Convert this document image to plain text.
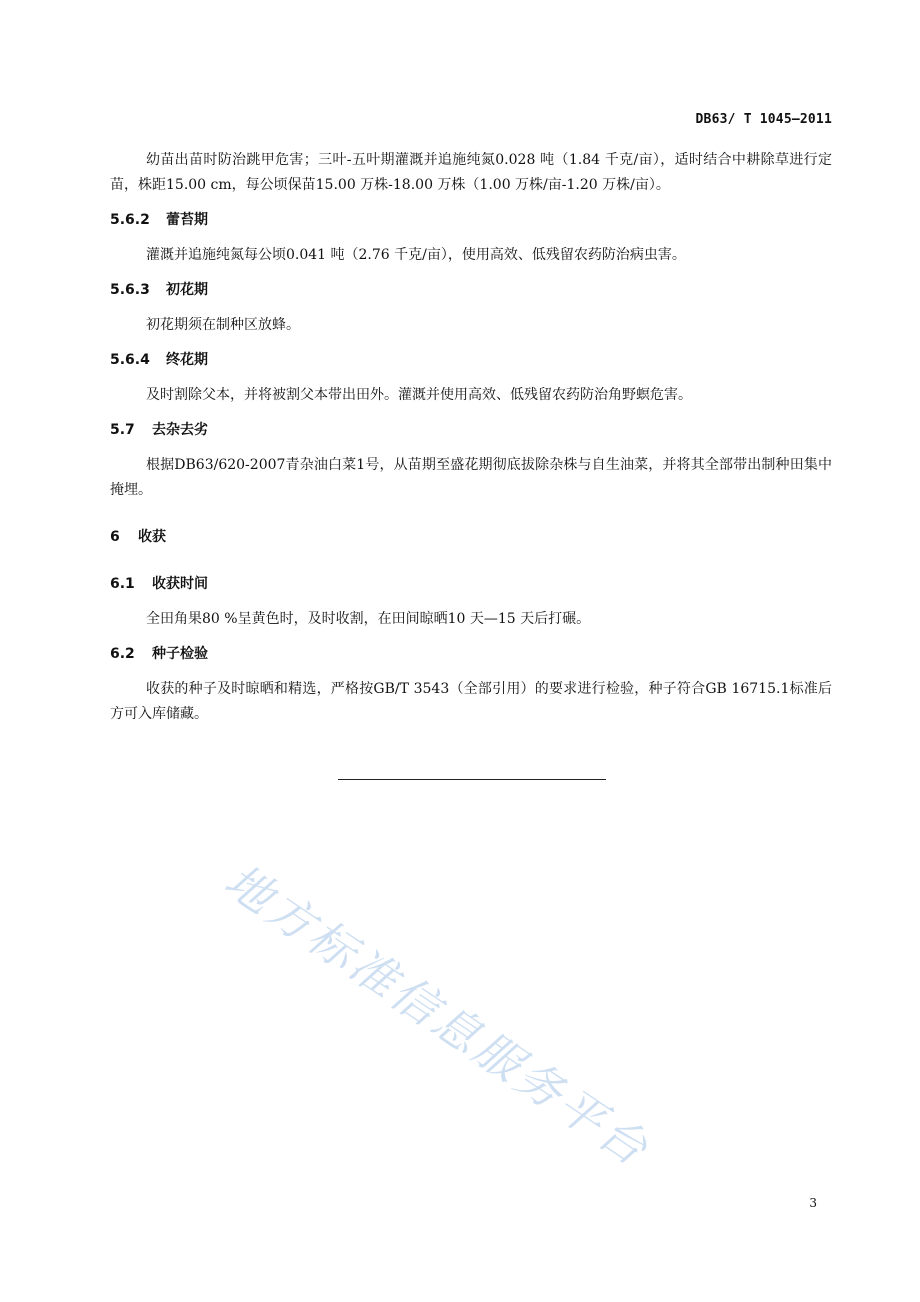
DB63/ T 1045—2011

幼苗出苗时防治跳甲危害；三叶-五叶期灌溉并追施纯氮0.028 吨（1.84 千克/亩），适时结合中耕除草进行定苗，株距15.00 cm，每公顷保苗15.00 万株-18.00 万株（1.00 万株/亩-1.20 万株/亩）。

5.6.2 蕾苔期

灌溉并追施纯氮每公顷0.041 吨（2.76 千克/亩），使用高效、低残留农药防治病虫害。

5.6.3 初花期

初花期须在制种区放蜂。

5.6.4 终花期

及时割除父本，并将被割父本带出田外。灌溉并使用高效、低残留农药防治角野螟危害。

5.7 去杂去劣

根据DB63/620-2007青杂油白菜1号，从苗期至盛花期彻底拔除杂株与自生油菜，并将其全部带出制种田集中掩埋。

6 收获
6.1 收获时间

全田角果80 %呈黄色时，及时收割，在田间晾晒10 天—15 天后打碾。

6.2 种子检验

收获的种子及时晾晒和精选，严格按GB/T 3543（全部引用）的要求进行检验，种子符合GB 16715.1标准后方可入库储藏。

地方标准信息服务平台
3
